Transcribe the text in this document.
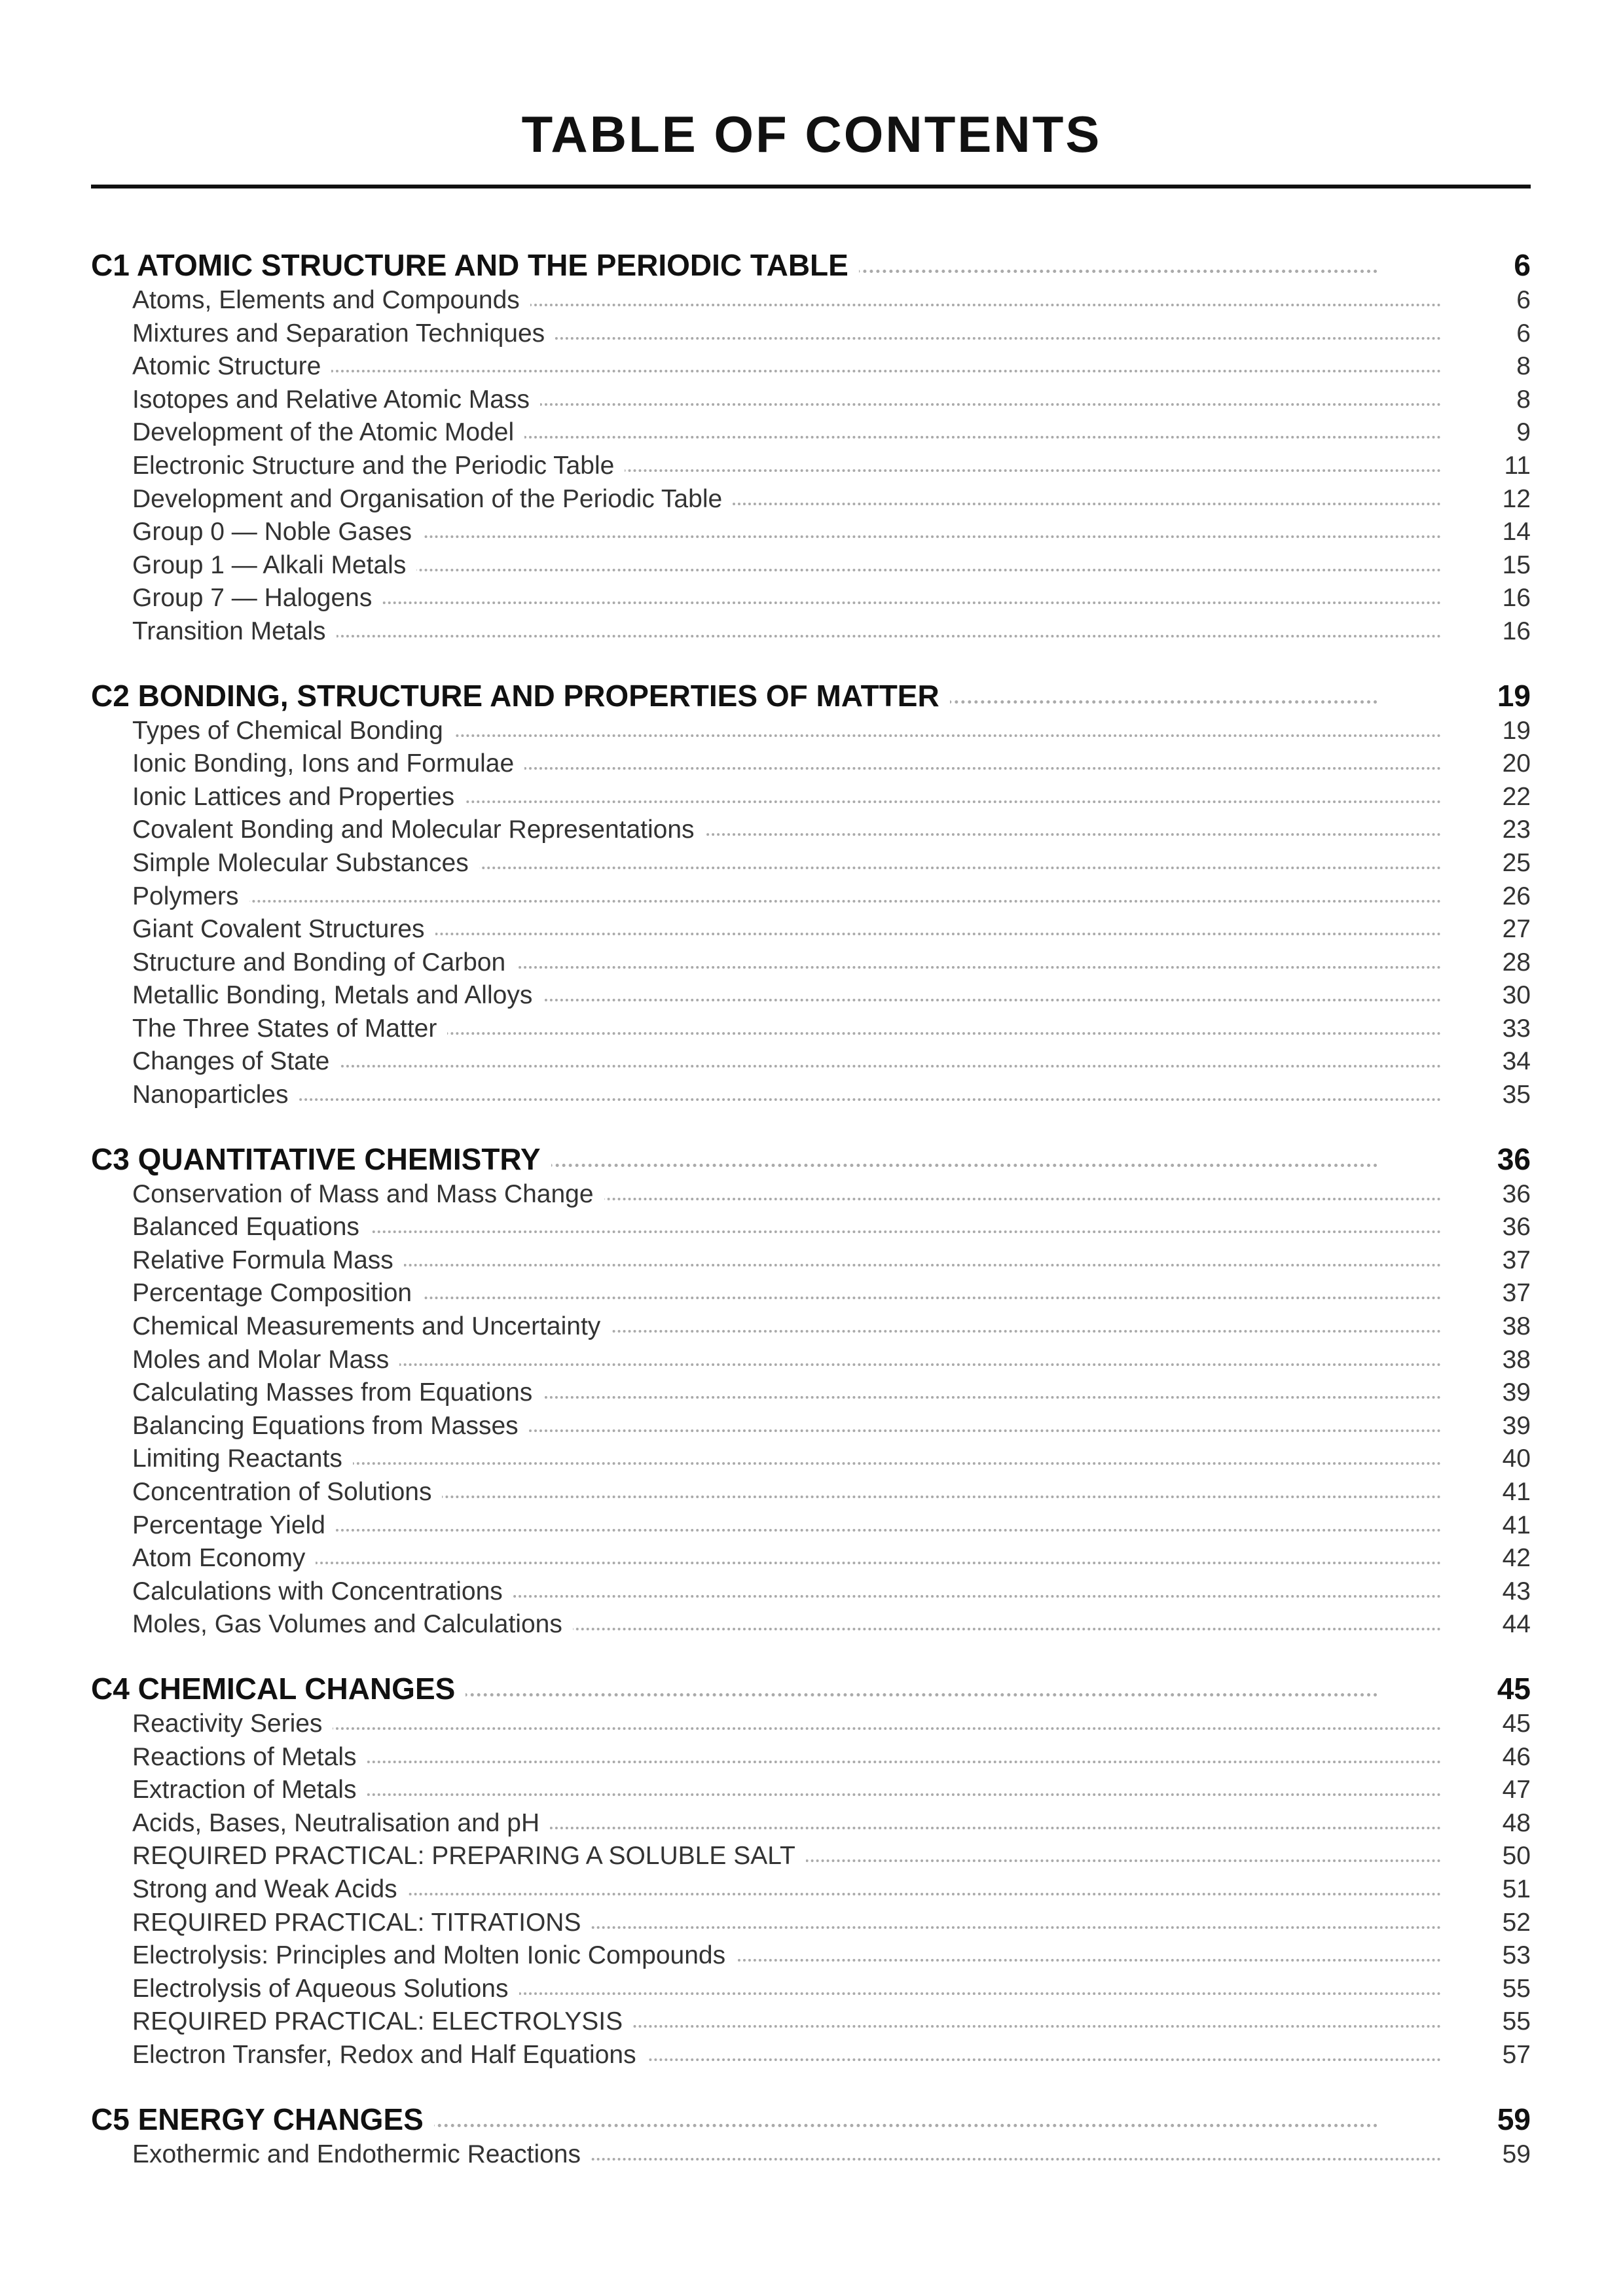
TABLE OF CONTENTS
C1 ATOMIC STRUCTURE AND THE PERIODIC TABLE	6
Atoms, Elements and Compounds	6
Mixtures and Separation Techniques	6
Atomic Structure	8
Isotopes and Relative Atomic Mass	8
Development of the Atomic Model	9
Electronic Structure and the Periodic Table	11
Development and Organisation of the Periodic Table	12
Group 0 — Noble Gases	14
Group 1 — Alkali Metals	15
Group 7 — Halogens	16
Transition Metals	16
C2 BONDING, STRUCTURE AND PROPERTIES OF MATTER	19
Types of Chemical Bonding	19
Ionic Bonding, Ions and Formulae	20
Ionic Lattices and Properties	22
Covalent Bonding and Molecular Representations	23
Simple Molecular Substances	25
Polymers	26
Giant Covalent Structures	27
Structure and Bonding of Carbon	28
Metallic Bonding, Metals and Alloys	30
The Three States of Matter	33
Changes of State	34
Nanoparticles	35
C3 QUANTITATIVE CHEMISTRY	36
Conservation of Mass and Mass Change	36
Balanced Equations	36
Relative Formula Mass	37
Percentage Composition	37
Chemical Measurements and Uncertainty	38
Moles and Molar Mass	38
Calculating Masses from Equations	39
Balancing Equations from Masses	39
Limiting Reactants	40
Concentration of Solutions	41
Percentage Yield	41
Atom Economy	42
Calculations with Concentrations	43
Moles, Gas Volumes and Calculations	44
C4 CHEMICAL CHANGES	45
Reactivity Series	45
Reactions of Metals	46
Extraction of Metals	47
Acids, Bases, Neutralisation and pH	48
REQUIRED PRACTICAL: PREPARING A SOLUBLE SALT	50
Strong and Weak Acids	51
REQUIRED PRACTICAL: TITRATIONS	52
Electrolysis: Principles and Molten Ionic Compounds	53
Electrolysis of Aqueous Solutions	55
REQUIRED PRACTICAL: ELECTROLYSIS	55
Electron Transfer, Redox and Half Equations	57
C5 ENERGY CHANGES	59
Exothermic and Endothermic Reactions	59
